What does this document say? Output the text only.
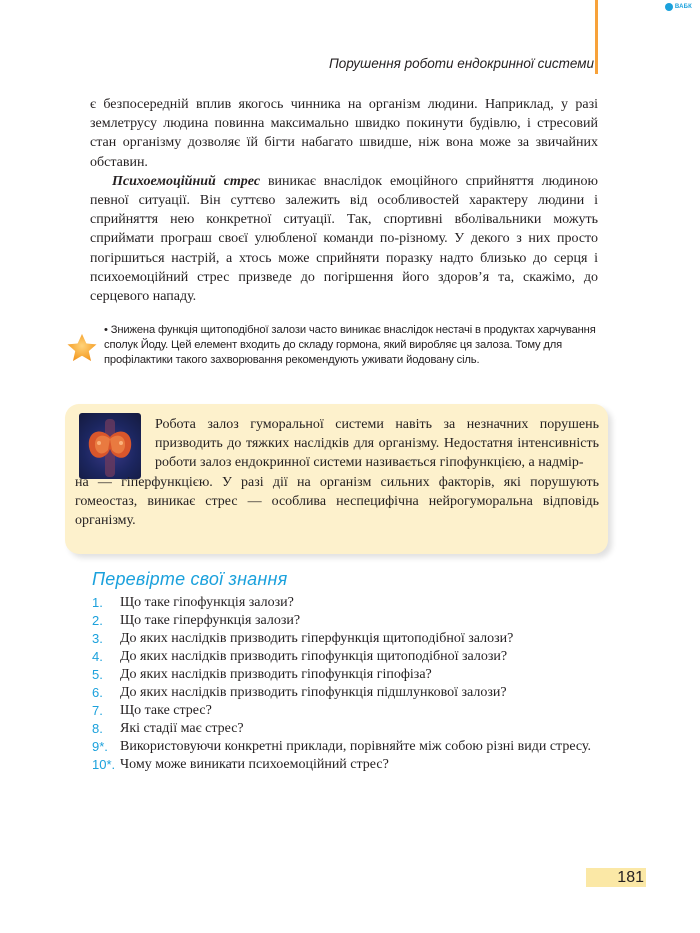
ВАБК
Порушення роботи ендокринної системи

є безпосередній вплив якогось чинника на організм людини. Наприклад, у разі землетрусу людина повинна максимально швидко покинути будівлю, і стресовий стан організму дозволяє їй бігти набагато швидше, ніж вона може за звичайних обставин.

Психоемоційний стрес виникає внаслідок емоційного сприйняття людиною певної ситуації. Він суттєво залежить від особливостей характеру людини і сприйняття нею конкретної ситуації. Так, спортивні вболівальники можуть сприймати програш своєї улюбленої команди по-різному. У декого з них просто погіршиться настрій, а хтось може сприйняти поразку надто близько до серця і психоемоційний стрес призведе до погіршення його здоров’я та, скажімо, до серцевого нападу.

• Знижена функція щитоподібної залози часто виникає внаслідок нестачі в продуктах харчування сполук Йоду. Цей елемент входить до складу гормона, який виробляє ця залоза. Тому для профілактики такого захворювання рекомендують уживати йодовану сіль.
Робота залоз гуморальної системи навіть за незначних порушень призводить до тяжких наслідків для організму. Недостатня інтенсивність роботи залоз ендокринної системи називається гіпофункцією, а надмір-
на — гіперфункцією. У разі дії на організм сильних факторів, які порушують гомеостаз, виникає стрес — особлива неспецифічна нейрогуморальна відповідь організму.
Перевірте свої знання
1.	Що таке гіпофункція залози?
2.	Що таке гіперфункція залози?
3.	До яких наслідків призводить гіперфункція щитоподібної залози?
4.	До яких наслідків призводить гіпофункція щитоподібної залози?
5.	До яких наслідків призводить гіпофункція гіпофіза?
6.	До яких наслідків призводить гіпофункція підшлункової залози?
7.	Що таке стрес?
8.	Які стадії має стрес?
9*. Використовуючи конкретні приклади, порівняйте між собою різні види стресу.
10*. Чому може виникати психоемоційний стрес?
181
